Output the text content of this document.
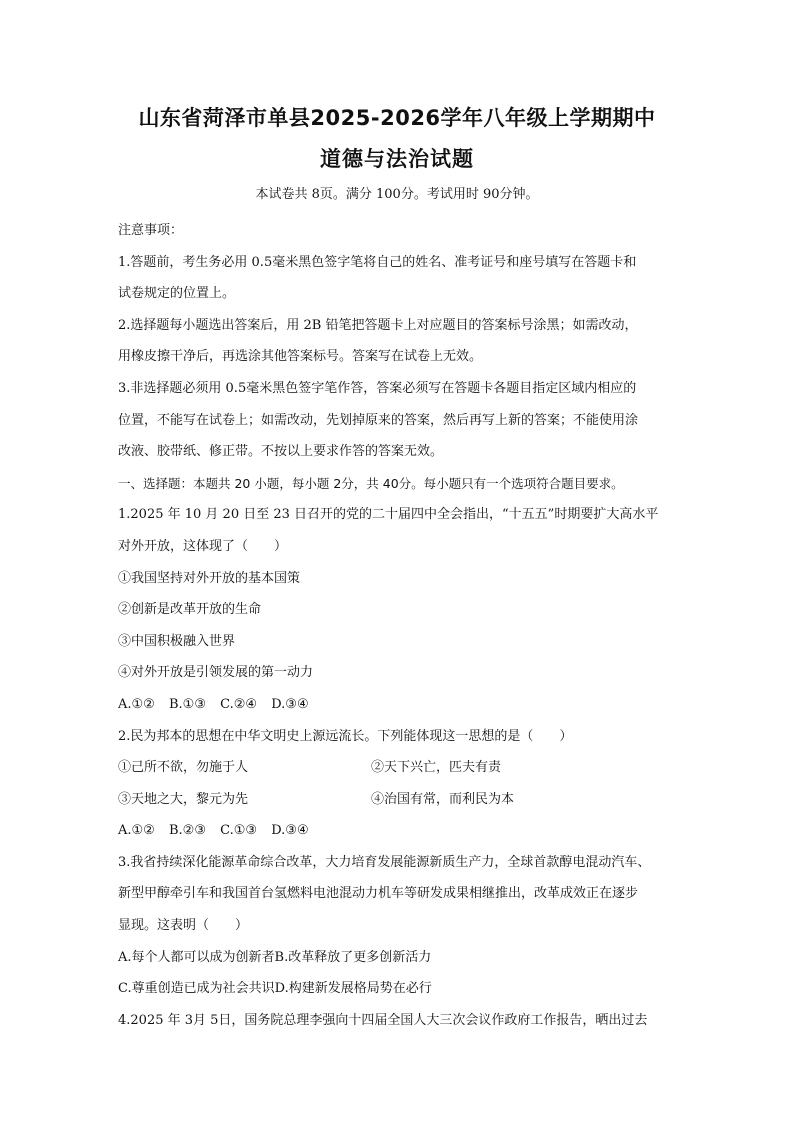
山东省菏泽市单县2025-2026学年八年级上学期期中
道德与法治试题
本试卷共 8页。满分 100分。考试用时 90分钟。
注意事项：
1.答题前，考生务必用 0.5毫米黑色签字笔将自己的姓名、准考证号和座号填写在答题卡和
试卷规定的位置上。
2.选择题每小题选出答案后，用 2B 铅笔把答题卡上对应题目的答案标号涂黑；如需改动，
用橡皮擦干净后，再选涂其他答案标号。答案写在试卷上无效。
3.非选择题必须用 0.5毫米黑色签字笔作答，答案必须写在答题卡各题目指定区域内相应的
位置，不能写在试卷上；如需改动，先划掉原来的答案，然后再写上新的答案；不能使用涂
改液、胶带纸、修正带。不按以上要求作答的答案无效。
一、选择题：本题共 20 小题，每小题 2分，共 40分。每小题只有一个选项符合题目要求。
1.2025 年 10 月 20 日至 23 日召开的党的二十届四中全会指出，“十五五”时期要扩大高水平
对外开放，这体现了（　　）
①我国坚持对外开放的基本国策
②创新是改革开放的生命
③中国积极融入世界
④对外开放是引领发展的第一动力
A.①② B.①③ C.②④ D.③④
2.民为邦本的思想在中华文明史上源远流长。下列能体现这一思想的是（　　）
①己所不欲，勿施于人	②天下兴亡，匹夫有责
③天地之大，黎元为先	④治国有常，而利民为本
A.①② B.②③ C.①③ D.③④
3.我省持续深化能源革命综合改革，大力培育发展能源新质生产力，全球首款醇电混动汽车、
新型甲醇牵引车和我国首台氢燃料电池混动力机车等研发成果相继推出，改革成效正在逐步
显现。这表明（　　）
A.每个人都可以成为创新者B.改革释放了更多创新活力
C.尊重创造已成为社会共识D.构建新发展格局势在必行
4.2025 年 3月 5日，国务院总理李强向十四届全国人大三次会议作政府工作报告，晒出过去
